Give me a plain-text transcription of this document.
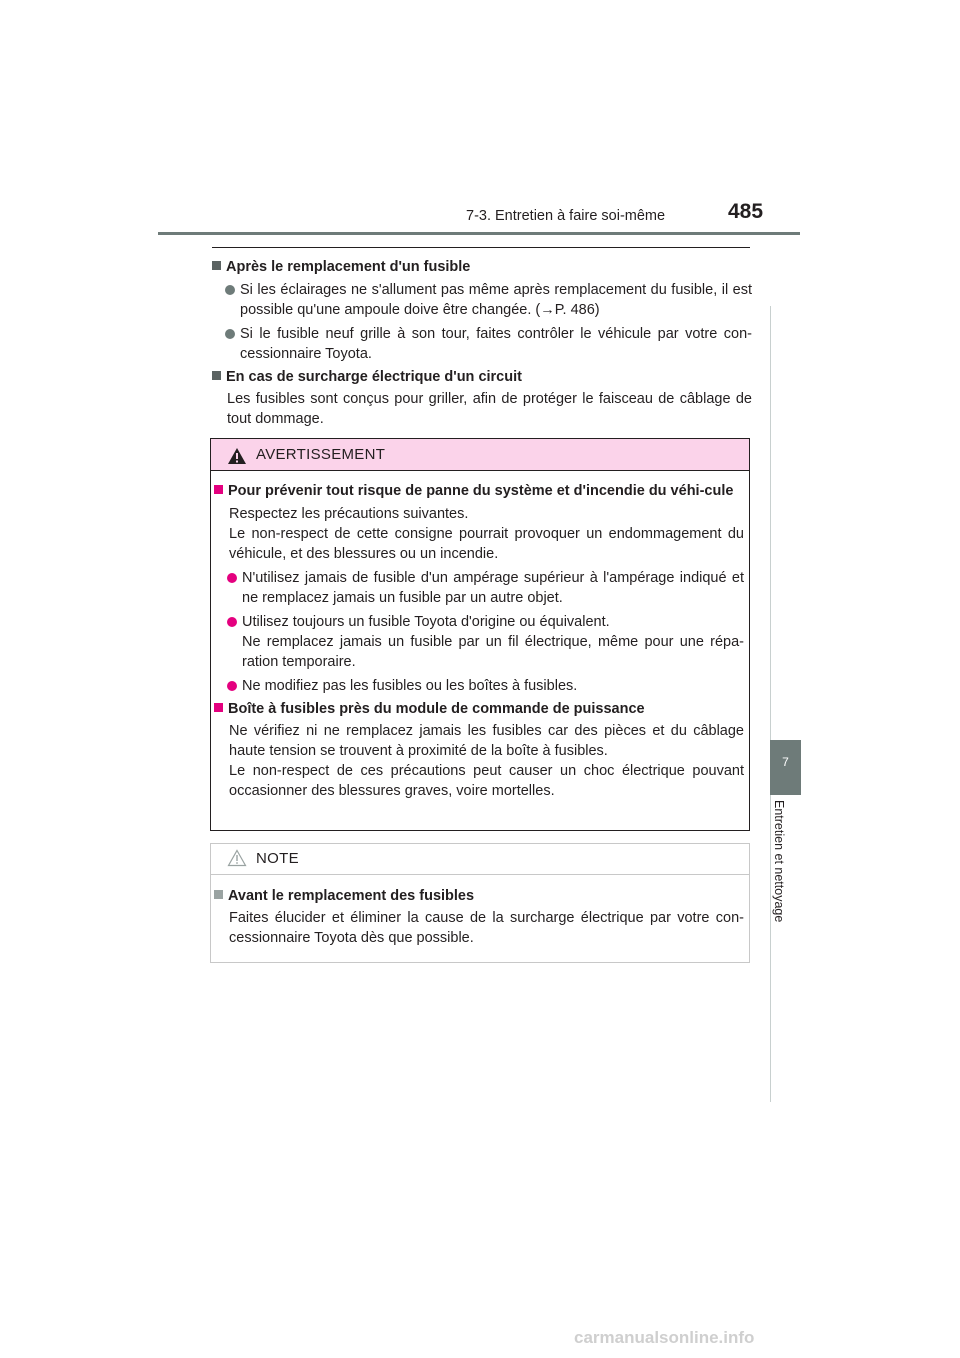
7-3. Entretien à faire soi-même	485
7
Entretien et nettoyage
Après le remplacement d'un fusible
Si les éclairages ne s'allument pas même après remplacement du fusible, il est possible qu'une ampoule doive être changée. (→P. 486)
Si le fusible neuf grille à son tour, faites contrôler le véhicule par votre con-cessionnaire Toyota.
En cas de surcharge électrique d'un circuit
Les fusibles sont conçus pour griller, afin de protéger le faisceau de câblage de tout dommage.
AVERTISSEMENT
Pour prévenir tout risque de panne du système et d'incendie du véhi-cule
Respectez les précautions suivantes.
Le non-respect de cette consigne pourrait provoquer un endommagement du véhicule, et des blessures ou un incendie.
N'utilisez jamais de fusible d'un ampérage supérieur à l'ampérage indiqué et ne remplacez jamais un fusible par un autre objet.
Utilisez toujours un fusible Toyota d'origine ou équivalent.
Ne remplacez jamais un fusible par un fil électrique, même pour une répa-ration temporaire.
Ne modifiez pas les fusibles ou les boîtes à fusibles.
Boîte à fusibles près du module de commande de puissance
Ne vérifiez ni ne remplacez jamais les fusibles car des pièces et du câblage haute tension se trouvent à proximité de la boîte à fusibles.
Le non-respect de ces précautions peut causer un choc électrique pouvant occasionner des blessures graves, voire mortelles.
NOTE
Avant le remplacement des fusibles
Faites élucider et éliminer la cause de la surcharge électrique par votre con-cessionnaire Toyota dès que possible.
carmanualsonline.info
